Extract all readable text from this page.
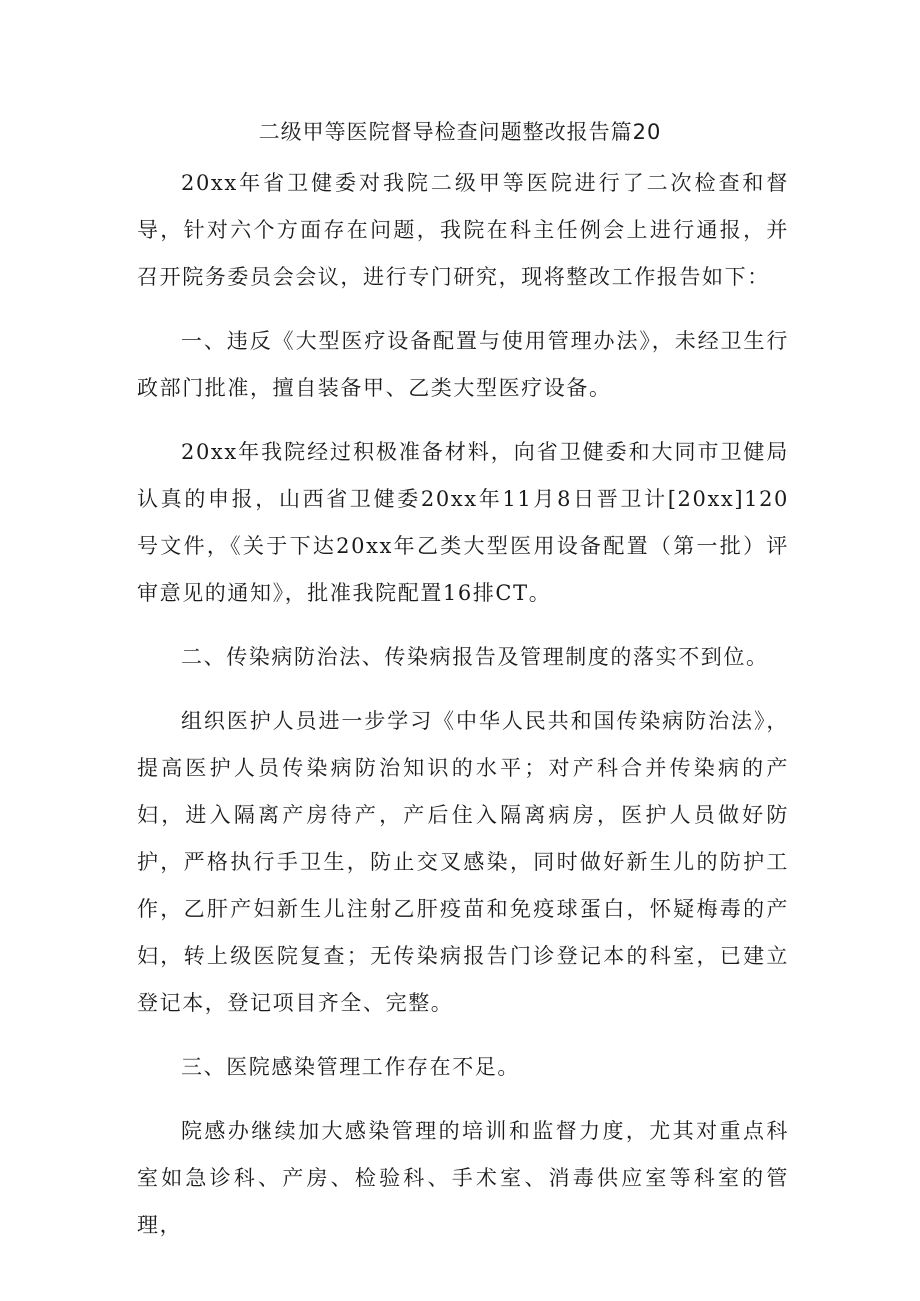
二级甲等医院督导检查问题整改报告篇20

20xx年省卫健委对我院二级甲等医院进行了二次检查和督导，针对六个方面存在问题，我院在科主任例会上进行通报，并召开院务委员会会议，进行专门研究，现将整改工作报告如下：

一、违反《大型医疗设备配置与使用管理办法》，未经卫生行政部门批准，擅自装备甲、乙类大型医疗设备。

20xx年我院经过积极准备材料，向省卫健委和大同市卫健局认真的申报，山西省卫健委20xx年11月8日晋卫计[20xx]120号文件，《关于下达20xx年乙类大型医用设备配置（第一批）评审意见的通知》，批准我院配置16排CT。

二、传染病防治法、传染病报告及管理制度的落实不到位。

组织医护人员进一步学习《中华人民共和国传染病防治法》，提高医护人员传染病防治知识的水平；对产科合并传染病的产妇，进入隔离产房待产，产后住入隔离病房，医护人员做好防护，严格执行手卫生，防止交叉感染，同时做好新生儿的防护工作，乙肝产妇新生儿注射乙肝疫苗和免疫球蛋白，怀疑梅毒的产妇，转上级医院复查；无传染病报告门诊登记本的科室，已建立登记本，登记项目齐全、完整。

三、医院感染管理工作存在不足。

院感办继续加大感染管理的培训和监督力度，尤其对重点科室如急诊科、产房、检验科、手术室、消毒供应室等科室的管理，
